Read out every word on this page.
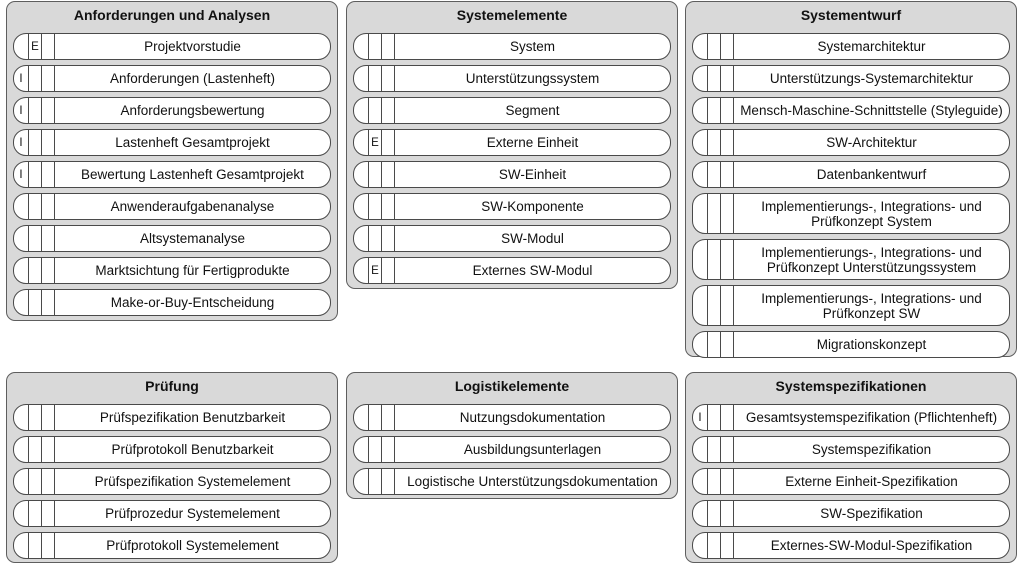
Anforderungen und Analysen
E	Projektvorstudie
I	Anforderungen (Lastenheft)
I	Anforderungsbewertung
I	Lastenheft Gesamtprojekt
I	Bewertung Lastenheft Gesamtprojekt
Anwenderaufgabenanalyse
Altsystemanalyse
Marktsichtung für Fertigprodukte
Make-or-Buy-Entscheidung
Systemelemente
System
Unterstützungssystem
Segment
E	Externe Einheit
SW-Einheit
SW-Komponente
SW-Modul
E	Externes SW-Modul
Systementwurf
Systemarchitektur
Unterstützungs-Systemarchitektur
Mensch-Maschine-Schnittstelle (Styleguide)
SW-Architektur
Datenbankentwurf
Implementierungs-, Integrations- und
Prüfkonzept System
Implementierungs-, Integrations- und
Prüfkonzept Unterstützungssystem
Implementierungs-, Integrations- und
Prüfkonzept SW
Migrationskonzept
Prüfung
Prüfspezifikation Benutzbarkeit
Prüfprotokoll Benutzbarkeit
Prüfspezifikation Systemelement
Prüfprozedur Systemelement
Prüfprotokoll Systemelement
Logistikelemente
Nutzungsdokumentation
Ausbildungsunterlagen
Logistische Unterstützungsdokumentation
Systemspezifikationen
I	Gesamtsystemspezifikation (Pflichtenheft)
Systemspezifikation
Externe Einheit-Spezifikation
SW-Spezifikation
Externes-SW-Modul-Spezifikation
